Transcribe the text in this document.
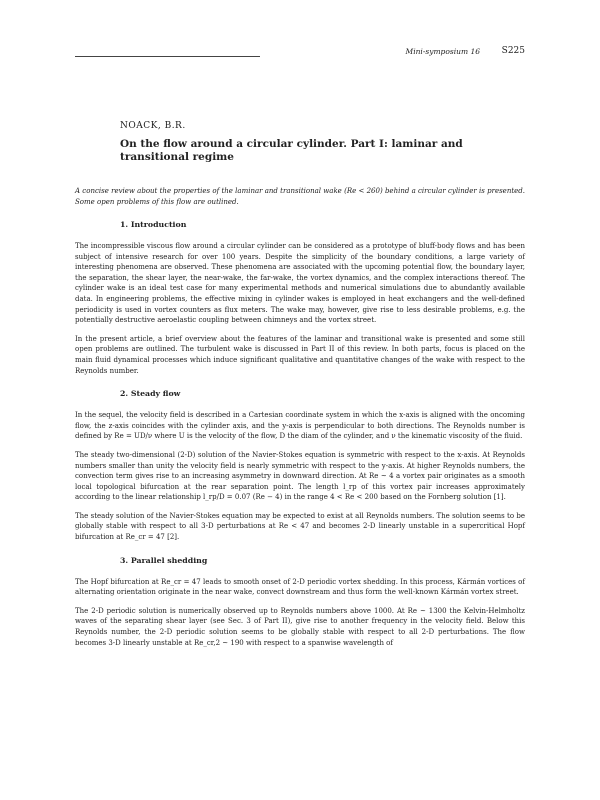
Mini-symposium 16 S225
NOACK, B.R.
On the flow around a circular cylinder. Part I: laminar and transitional regime
A concise review about the properties of the laminar and transitional wake (Re < 260) behind a circular cylinder is presented. Some open problems of this flow are outlined.
1. Introduction

The incompressible viscous flow around a circular cylinder can be considered as a prototype of bluff-body flows and has been subject of intensive research for over 100 years. Despite the simplicity of the boundary conditions, a large variety of interesting phenomena are observed. These phenomena are associated with the upcoming potential flow, the boundary layer, the separation, the shear layer, the near-wake, the far-wake, the vortex dynamics, and the complex interactions thereof. The cylinder wake is an ideal test case for many experimental methods and numerical simulations due to abundantly available data. In engineering problems, the effective mixing in cylinder wakes is employed in heat exchangers and the well-defined periodicity is used in vortex counters as flux meters. The wake may, however, give rise to less desirable problems, e.g. the potentially destructive aeroelastic coupling between chimneys and the vortex street.

In the present article, a brief overview about the features of the laminar and transitional wake is presented and some still open problems are outlined. The turbulent wake is discussed in Part II of this review. In both parts, focus is placed on the main fluid dynamical processes which induce significant qualitative and quantitative changes of the wake with respect to the Reynolds number.

2. Steady flow

In the sequel, the velocity field is described in a Cartesian coordinate system in which the x-axis is aligned with the oncoming flow, the z-axis coincides with the cylinder axis, and the y-axis is perpendicular to both directions. The Reynolds number is defined by Re = UD/ν where U is the velocity of the flow, D the diam of the cylinder, and ν the kinematic viscosity of the fluid.

The steady two-dimensional (2-D) solution of the Navier-Stokes equation is symmetric with respect to the x-axis. At Reynolds numbers smaller than unity the velocity field is nearly symmetric with respect to the y-axis. At higher Reynolds numbers, the convection term gives rise to an increasing asymmetry in downward direction. At Re ~ 4 a vortex pair originates as a smooth local topological bifurcation at the rear separation point. The length l_rp of this vortex pair increases approximately according to the linear relationship l_rp/D = 0.07 (Re − 4) in the range 4 < Re < 200 based on the Fornberg solution [1].

The steady solution of the Navier-Stokes equation may be expected to exist at all Reynolds numbers. The solution seems to be globally stable with respect to all 3-D perturbations at Re < 47 and becomes 2-D linearly unstable in a supercritical Hopf bifurcation at Re_cr = 47 [2].

3. Parallel shedding

The Hopf bifurcation at Re_cr = 47 leads to smooth onset of 2-D periodic vortex shedding. In this process, Kármán vortices of alternating orientation originate in the near wake, convect downstream and thus form the well-known Kármán vortex street.

The 2-D periodic solution is numerically observed up to Reynolds numbers above 1000. At Re ~ 1300 the Kelvin-Helmholtz waves of the separating shear layer (see Sec. 3 of Part II), give rise to another frequency in the velocity field. Below this Reynolds number, the 2-D periodic solution seems to be globally stable with respect to all 2-D perturbations. The flow becomes 3-D linearly unstable at Re_cr,2 ~ 190 with respect to a spanwise wavelength of
